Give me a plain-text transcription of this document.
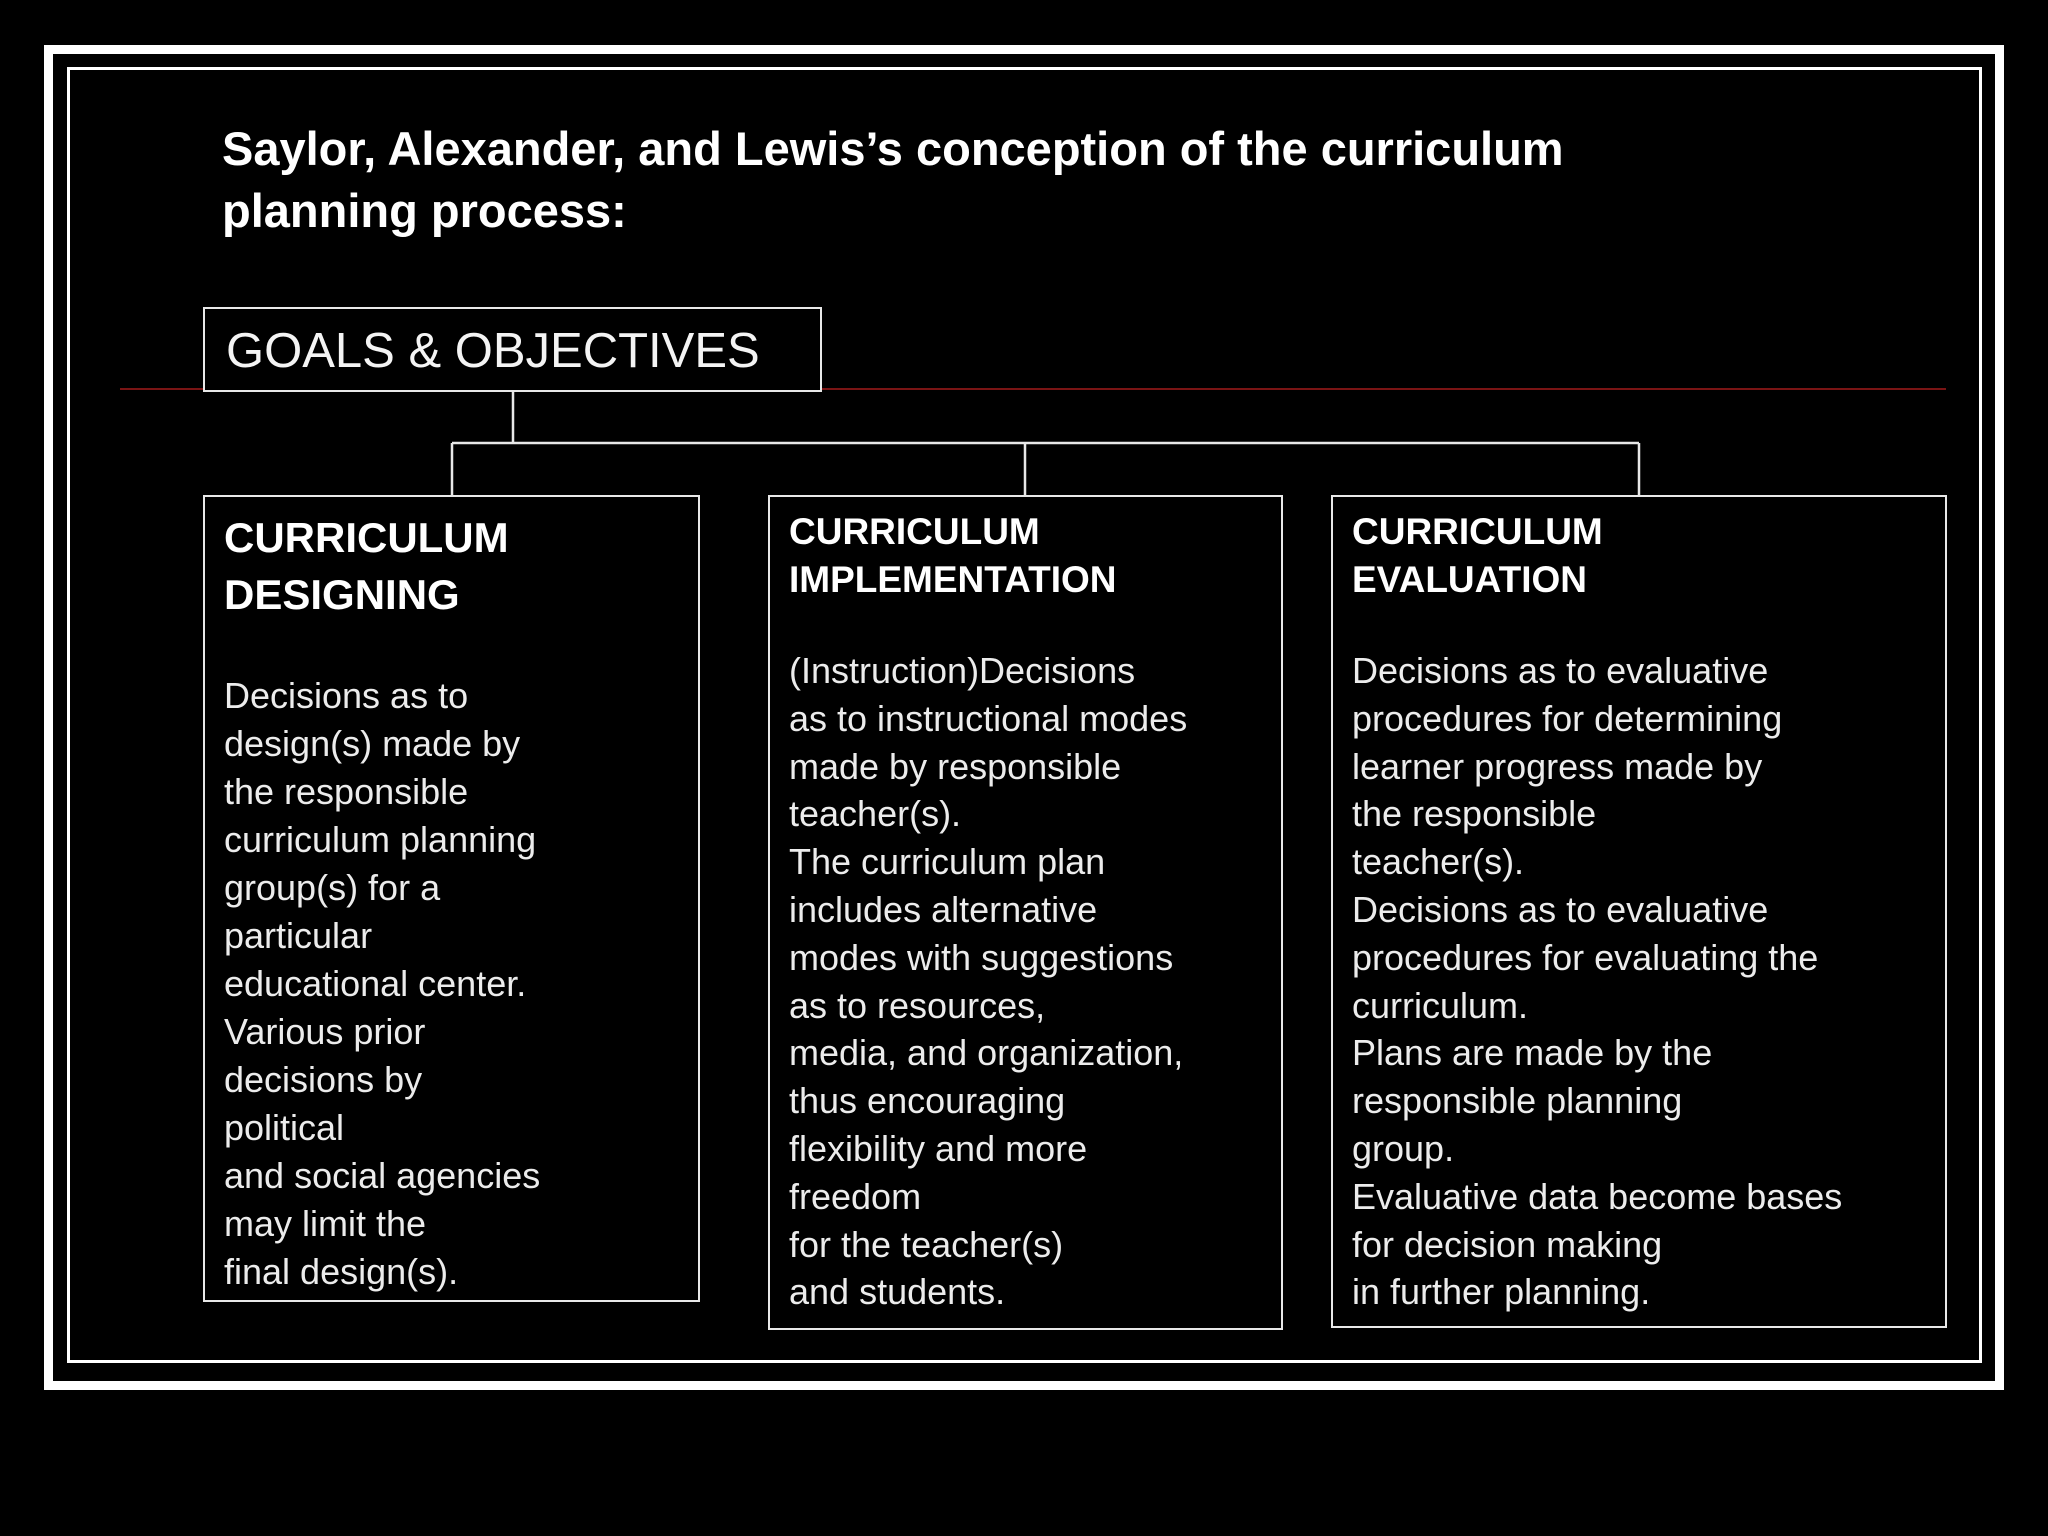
Saylor, Alexander, and Lewis’s conception of the curriculum
planning process:
GOALS & OBJECTIVES
CURRICULUM
DESIGNING
Decisions as to
design(s) made by
the responsible
curriculum planning
group(s) for a
particular
educational center.
Various prior
decisions by
political
and social agencies
may limit the
final design(s).
CURRICULUM
IMPLEMENTATION
(Instruction)Decisions
as to instructional modes
made by responsible
teacher(s).
The curriculum plan
includes alternative
modes with suggestions
as to resources,
media, and organization,
thus encouraging
flexibility and more
freedom
for the teacher(s)
and students.
CURRICULUM
EVALUATION
Decisions as to evaluative
procedures for determining
learner progress made by
the responsible
teacher(s).
Decisions as to evaluative
procedures for evaluating the
curriculum.
Plans are made by the
responsible planning
group.
Evaluative data become bases
for decision making
in further planning.
